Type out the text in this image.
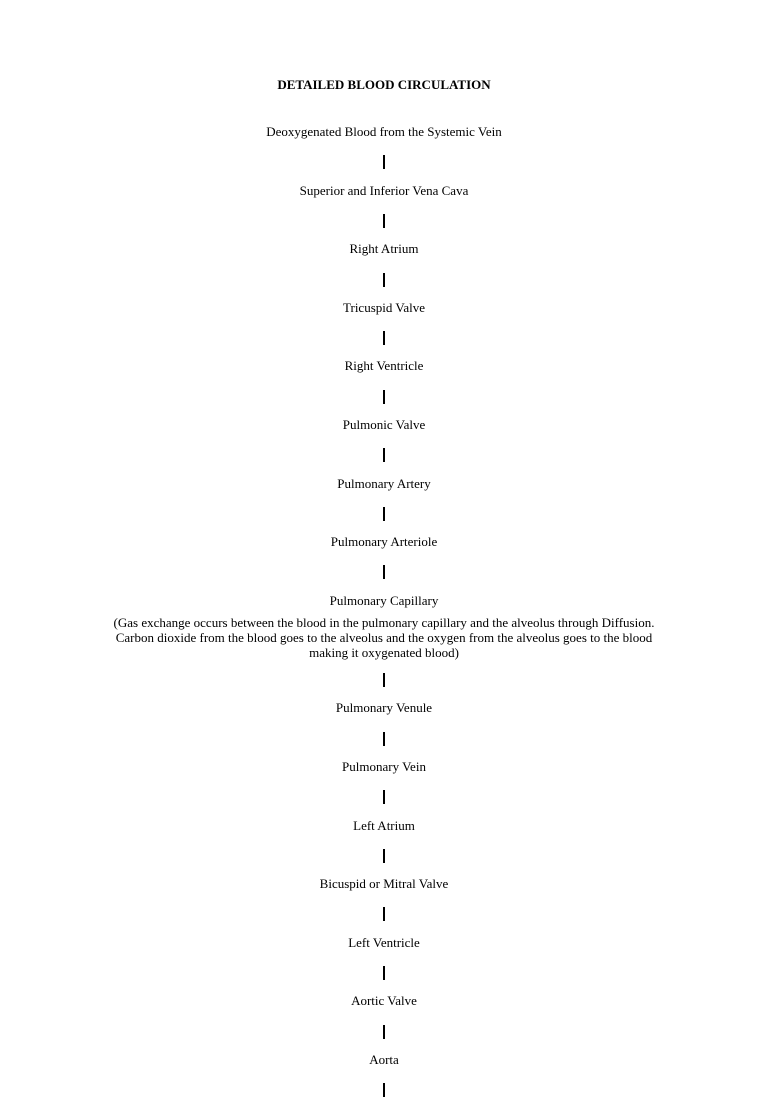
DETAILED BLOOD CIRCULATION
Deoxygenated Blood from the Systemic Vein
Superior and Inferior Vena Cava
Right Atrium
Tricuspid Valve
Right Ventricle
Pulmonic Valve
Pulmonary Artery
Pulmonary Arteriole
Pulmonary Capillary
(Gas exchange occurs between the blood in the pulmonary capillary and the alveolus through Diffusion. Carbon dioxide from the blood goes to the alveolus and the oxygen from the alveolus goes to the blood making it oxygenated blood)
Pulmonary Venule
Pulmonary Vein
Left Atrium
Bicuspid or Mitral Valve
Left Ventricle
Aortic Valve
Aorta
